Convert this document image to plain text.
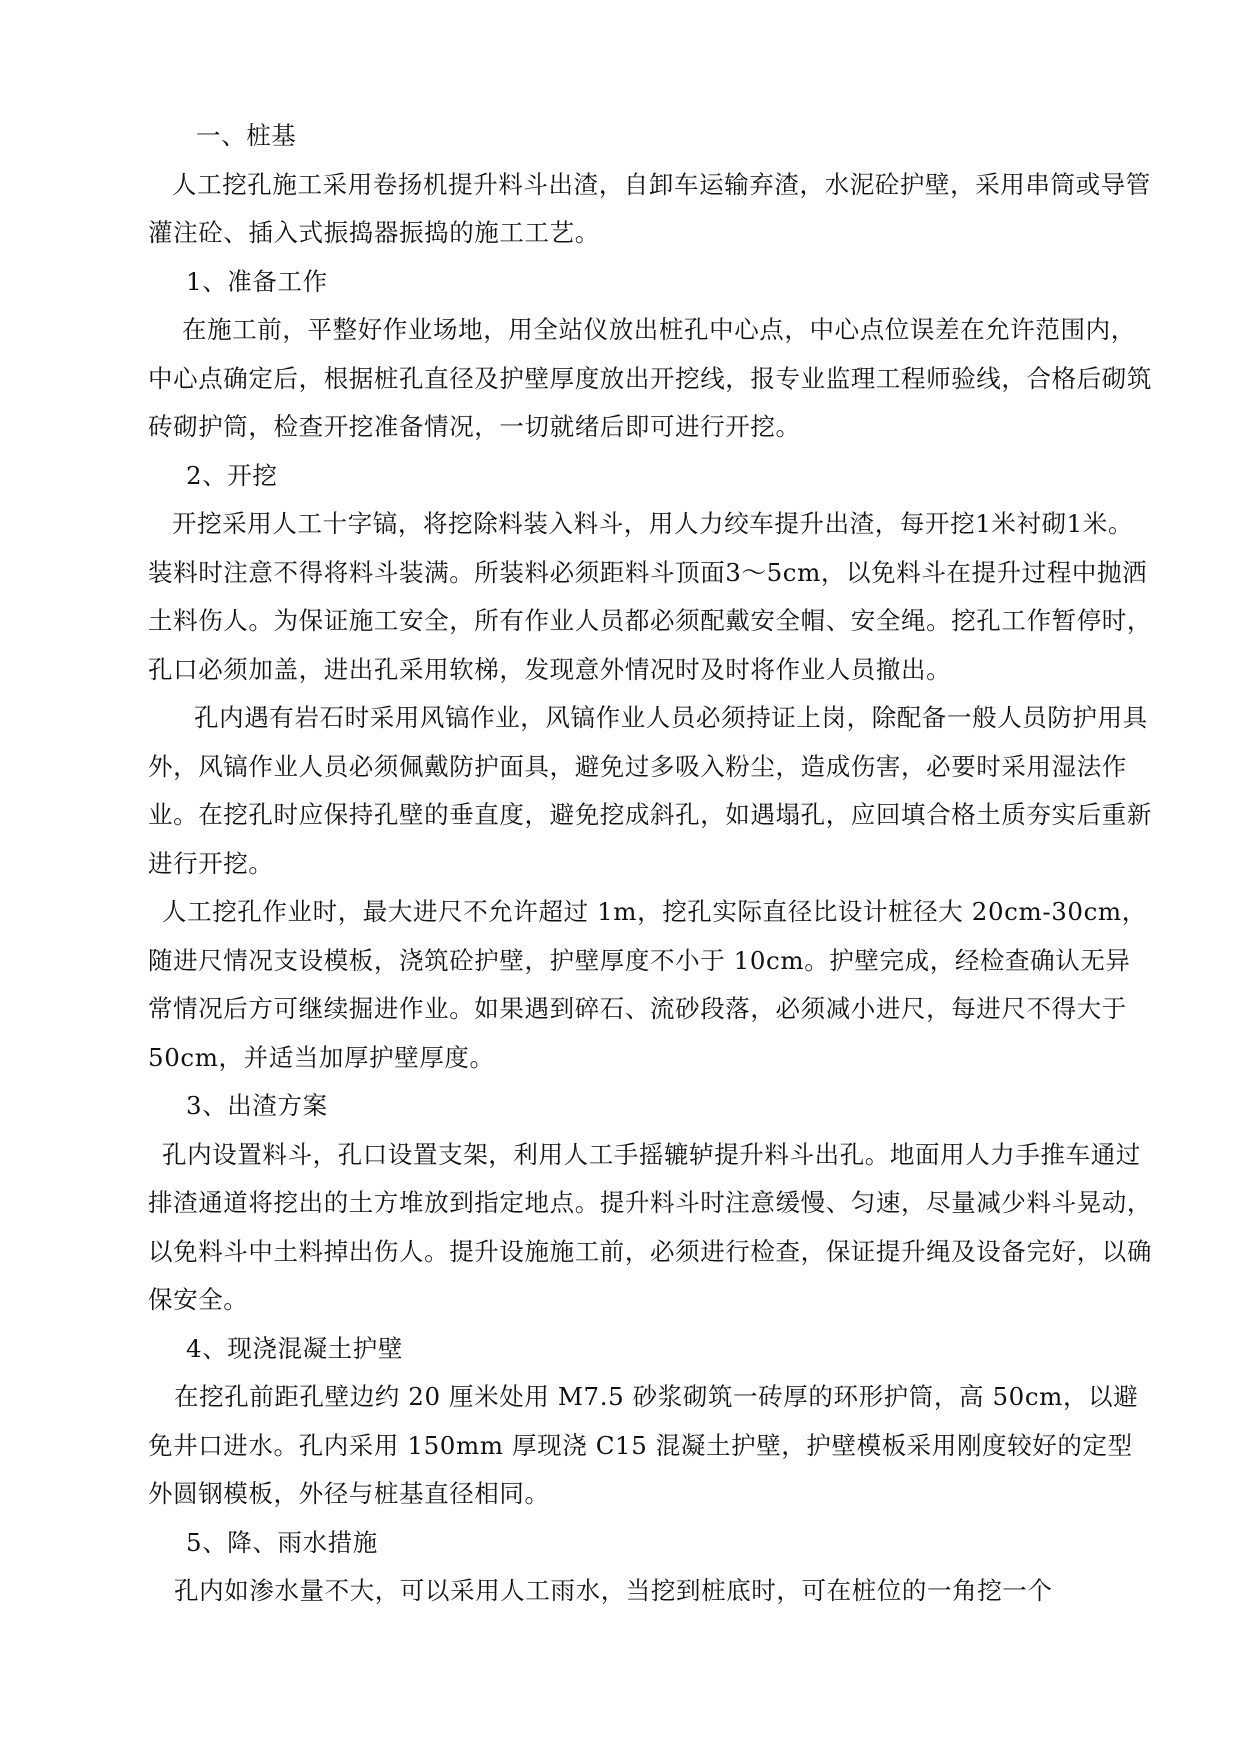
一、桩基

人工挖孔施工采用卷扬机提升料斗出渣，自卸车运输弃渣，水泥砼护壁，采用串筒或导管灌注砼、插入式振捣器振捣的施工工艺。

1、准备工作

在施工前，平整好作业场地，用全站仪放出桩孔中心点，中心点位误差在允许范围内，中心点确定后，根据桩孔直径及护壁厚度放出开挖线，报专业监理工程师验线，合格后砌筑砖砌护筒，检查开挖准备情况，一切就绪后即可进行开挖。

2、开挖

开挖采用人工十字镐，将挖除料装入料斗，用人力绞车提升出渣，每开挖1米衬砌1米。装料时注意不得将料斗装满。所装料必须距料斗顶面3～5cm，以免料斗在提升过程中抛洒土料伤人。为保证施工安全，所有作业人员都必须配戴安全帽、安全绳。挖孔工作暂停时，孔口必须加盖，进出孔采用软梯，发现意外情况时及时将作业人员撤出。

孔内遇有岩石时采用风镐作业，风镐作业人员必须持证上岗，除配备一般人员防护用具外，风镐作业人员必须佩戴防护面具，避免过多吸入粉尘，造成伤害，必要时采用湿法作业。在挖孔时应保持孔壁的垂直度，避免挖成斜孔，如遇塌孔，应回填合格土质夯实后重新进行开挖。

人工挖孔作业时，最大进尺不允许超过 1m，挖孔实际直径比设计桩径大 20cm-30cm，随进尺情况支设模板，浇筑砼护壁，护壁厚度不小于 10cm。护壁完成，经检查确认无异常情况后方可继续掘进作业。如果遇到碎石、流砂段落，必须减小进尺，每进尺不得大于 50cm，并适当加厚护壁厚度。

3、出渣方案

孔内设置料斗，孔口设置支架，利用人工手摇辘轳提升料斗出孔。地面用人力手推车通过排渣通道将挖出的土方堆放到指定地点。提升料斗时注意缓慢、匀速，尽量减少料斗晃动，以免料斗中土料掉出伤人。提升设施施工前，必须进行检查，保证提升绳及设备完好，以确保安全。

4、现浇混凝土护壁

在挖孔前距孔壁边约 20 厘米处用 M7.5 砂浆砌筑一砖厚的环形护筒，高 50cm，以避免井口进水。孔内采用 150mm 厚现浇 C15 混凝土护壁，护壁模板采用刚度较好的定型外圆钢模板，外径与桩基直径相同。

5、降、雨水措施

孔内如渗水量不大，可以采用人工雨水，当挖到桩底时，可在桩位的一角挖一个
